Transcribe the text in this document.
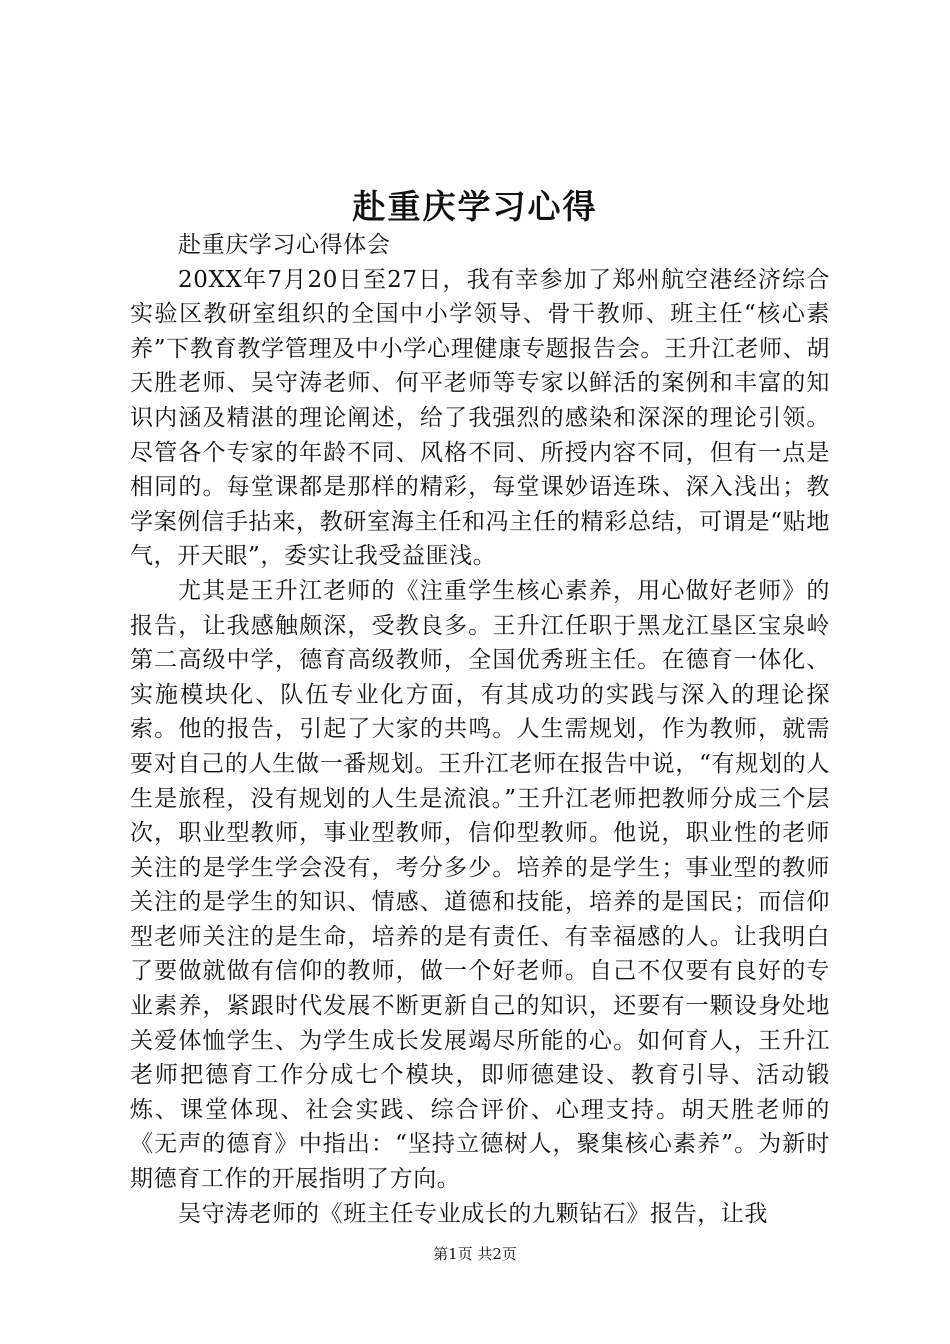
赴重庆学习心得

赴重庆学习心得体会

20XX年7月20日至27日，我有幸参加了郑州航空港经济综合实验区教研室组织的全国中小学领导、骨干教师、班主任“核心素养”下教育教学管理及中小学心理健康专题报告会。王升江老师、胡天胜老师、吴守涛老师、何平老师等专家以鲜活的案例和丰富的知识内涵及精湛的理论阐述，给了我强烈的感染和深深的理论引领。尽管各个专家的年龄不同、风格不同、所授内容不同，但有一点是相同的。每堂课都是那样的精彩，每堂课妙语连珠、深入浅出；教学案例信手拈来，教研室海主任和冯主任的精彩总结，可谓是“贴地气，开天眼”，委实让我受益匪浅。

尤其是王升江老师的《注重学生核心素养，用心做好老师》的报告，让我感触颇深，受教良多。王升江任职于黑龙江垦区宝泉岭第二高级中学，德育高级教师，全国优秀班主任。在德育一体化、实施模块化、队伍专业化方面，有其成功的实践与深入的理论探索。他的报告，引起了大家的共鸣。人生需规划，作为教师，就需要对自己的人生做一番规划。王升江老师在报告中说，“有规划的人生是旅程，没有规划的人生是流浪。”王升江老师把教师分成三个层次，职业型教师，事业型教师，信仰型教师。他说，职业性的老师关注的是学生学会没有，考分多少。培养的是学生；事业型的教师关注的是学生的知识、情感、道德和技能，培养的是国民；而信仰型老师关注的是生命，培养的是有责任、有幸福感的人。让我明白了要做就做有信仰的教师，做一个好老师。自己不仅要有良好的专业素养，紧跟时代发展不断更新自己的知识，还要有一颗设身处地关爱体恤学生、为学生成长发展竭尽所能的心。如何育人，王升江老师把德育工作分成七个模块，即师德建设、教育引导、活动锻炼、课堂体现、社会实践、综合评价、心理支持。胡天胜老师的《无声的德育》中指出：“坚持立德树人，聚集核心素养”。为新时期德育工作的开展指明了方向。

吴守涛老师的《班主任专业成长的九颗钻石》报告，让我

第1页 共2页
